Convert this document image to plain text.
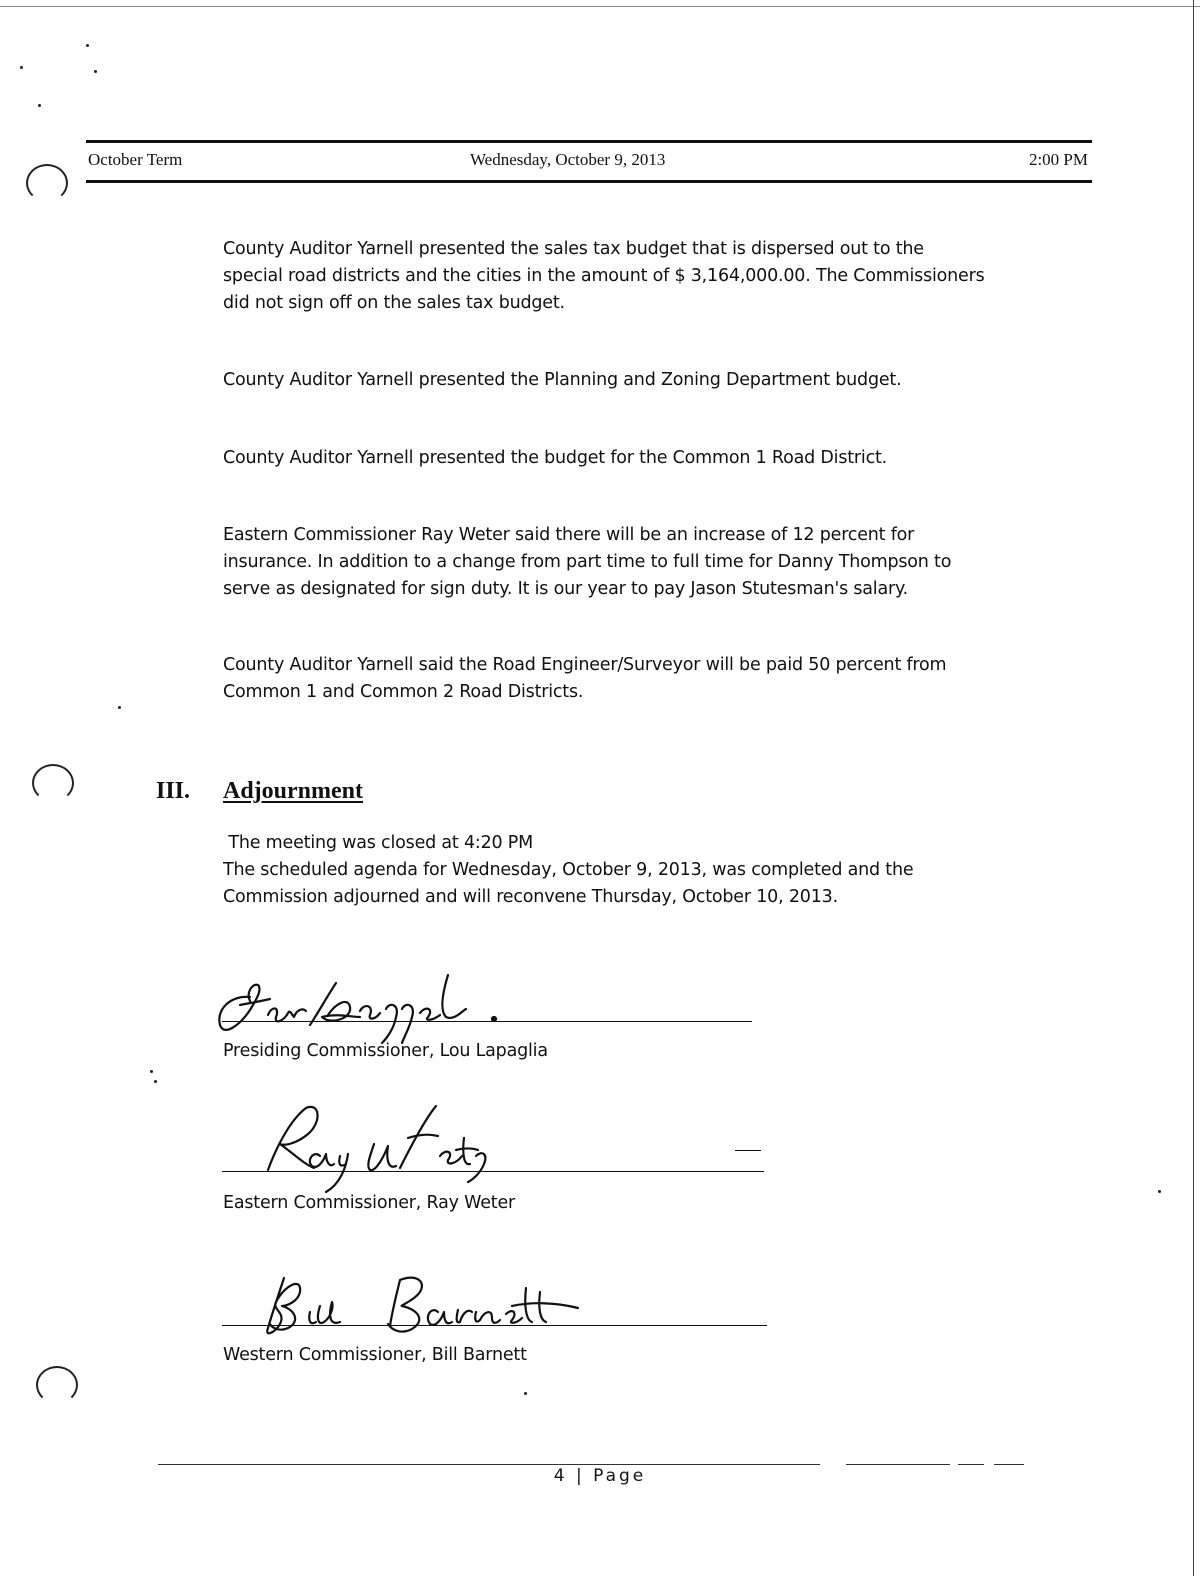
October Term	Wednesday, October 9, 2013	2:00 PM
County Auditor Yarnell presented the sales tax budget that is dispersed out to the
special road districts and the cities in the amount of $ 3,164,000.00. The Commissioners
did not sign off on the sales tax budget.
County Auditor Yarnell presented the Planning and Zoning Department budget.
County Auditor Yarnell presented the budget for the Common 1 Road District.
Eastern Commissioner Ray Weter said there will be an increase of 12 percent for
insurance. In addition to a change from part time to full time for Danny Thompson to
serve as designated for sign duty. It is our year to pay Jason Stutesman's salary.
County Auditor Yarnell said the Road Engineer/Surveyor will be paid 50 percent from
Common 1 and Common 2 Road Districts.
III. Adjournment
The meeting was closed at 4:20 PM
The scheduled agenda for Wednesday, October 9, 2013, was completed and the
Commission adjourned and will reconvene Thursday, October 10, 2013.
Presiding Commissioner, Lou Lapaglia
Eastern Commissioner, Ray Weter
Western Commissioner, Bill Barnett
4 | Page
